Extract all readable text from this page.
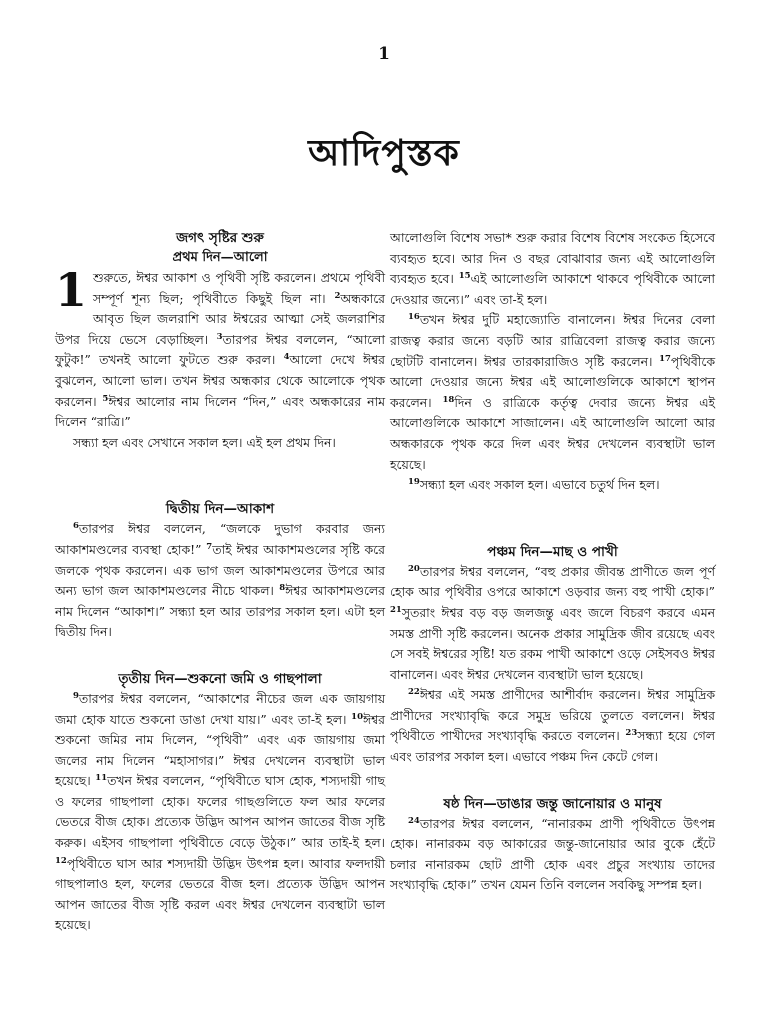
1
আদিপুস্তক
জগৎ সৃষ্টির শুরু
প্রথম দিন—আলো

1 শুরুতে, ঈশ্বর আকাশ ও পৃথিবী সৃষ্টি করলেন। প্রথমে পৃথিবী সম্পূর্ণ শূন্য ছিল; পৃথিবীতে কিছুই ছিল না। $^2$অন্ধকারে আবৃত ছিল জলরাশি আর ঈশ্বরের আত্মা সেই জলরাশির উপর দিয়ে ভেসে বেড়াচ্ছিল। $^3$তারপর ঈশ্বর বললেন, “আলো ফুটুক!” তখনই আলো ফুটতে শুরু করল। $^4$আলো দেখে ঈশ্বর বুঝলেন, আলো ভাল। তখন ঈশ্বর অন্ধকার থেকে আলোকে পৃথক করলেন। $^5$ঈশ্বর আলোর নাম দিলেন “দিন,” এবং অন্ধকারের নাম দিলেন “রাত্রি।”

সন্ধ্যা হল এবং সেখানে সকাল হল। এই হল প্রথম দিন।

দ্বিতীয় দিন—আকাশ

$^6$তারপর ঈশ্বর বললেন, “জলকে দুভাগ করবার জন্য আকাশমণ্ডলের ব্যবস্থা হোক!” $^7$তাই ঈশ্বর আকাশমণ্ডলের সৃষ্টি করে জলকে পৃথক করলেন। এক ভাগ জল আকাশমণ্ডলের উপরে আর অন্য ভাগ জল আকাশমণ্ডলের নীচে থাকল। $^8$ঈশ্বর আকাশমণ্ডলের নাম দিলেন “আকাশ।” সন্ধ্যা হল আর তারপর সকাল হল। এটা হল দ্বিতীয় দিন।

তৃতীয় দিন—শুকনো জমি ও গাছপালা

$^9$তারপর ঈশ্বর বললেন, “আকাশের নীচের জল এক জায়গায় জমা হোক যাতে শুকনো ডাঙা দেখা যায়।” এবং তা-ই হল। $^{10}$ঈশ্বর শুকনো জমির নাম দিলেন, “পৃথিবী” এবং এক জায়গায় জমা জলের নাম দিলেন “মহাসাগর।” ঈশ্বর দেখলেন ব্যবস্থাটা ভাল হয়েছে। $^{11}$তখন ঈশ্বর বললেন, “পৃথিবীতে ঘাস হোক, শস্যদায়ী গাছ ও ফলের গাছপালা হোক। ফলের গাছগুলিতে ফল আর ফলের ভেতরে বীজ হোক। প্রত্যেক উদ্ভিদ আপন আপন জাতের বীজ সৃষ্টি করুক। এইসব গাছপালা পৃথিবীতে বেড়ে উঠুক।” আর তাই-ই হল। $^{12}$পৃথিবীতে ঘাস আর শস্যদায়ী উদ্ভিদ উৎপন্ন হল। আবার ফলদায়ী গাছপালাও হল, ফলের ভেতরে বীজ হল। প্রত্যেক উদ্ভিদ আপন আপন জাতের বীজ সৃষ্টি করল এবং ঈশ্বর দেখলেন ব্যবস্থাটা ভাল হয়েছে।

আলোগুলি বিশেষ সভা* শুরু করার বিশেষ বিশেষ সংকেত হিসেবে ব্যবহৃত হবে। আর দিন ও বছর বোঝাবার জন্য এই আলোগুলি ব্যবহৃত হবে। $^{15}$এই আলোগুলি আকাশে থাকবে পৃথিবীকে আলো দেওয়ার জন্যে।” এবং তা-ই হল।

$^{16}$তখন ঈশ্বর দুটি মহাজ্যোতি বানালেন। ঈশ্বর দিনের বেলা রাজত্ব করার জন্যে বড়টি আর রাত্রিবেলা রাজত্ব করার জন্যে ছোটটি বানালেন। ঈশ্বর তারকারাজিও সৃষ্টি করলেন। $^{17}$পৃথিবীকে আলো দেওয়ার জন্যে ঈশ্বর এই আলোগুলিকে আকাশে স্থাপন করলেন। $^{18}$দিন ও রাত্রিকে কর্তৃত্ব দেবার জন্যে ঈশ্বর এই আলোগুলিকে আকাশে সাজালেন। এই আলোগুলি আলো আর অন্ধকারকে পৃথক করে দিল এবং ঈশ্বর দেখলেন ব্যবস্থাটা ভাল হয়েছে।

$^{19}$সন্ধ্যা হল এবং সকাল হল। এভাবে চতুর্থ দিন হল।

পঞ্চম দিন—মাছ ও পাখী

$^{20}$তারপর ঈশ্বর বললেন, “বহু প্রকার জীবন্ত প্রাণীতে জল পূর্ণ হোক আর পৃথিবীর ওপরে আকাশে ওড়বার জন্য বহু পাখী হোক।” $^{21}$সুতরাং ঈশ্বর বড় বড় জলজন্তু এবং জলে বিচরণ করবে এমন সমস্ত প্রাণী সৃষ্টি করলেন। অনেক প্রকার সামুদ্রিক জীব রয়েছে এবং সে সবই ঈশ্বরের সৃষ্টি! যত রকম পাখী আকাশে ওড়ে সেইসবও ঈশ্বর বানালেন। এবং ঈশ্বর দেখলেন ব্যবস্থাটা ভাল হয়েছে।

$^{22}$ঈশ্বর এই সমস্ত প্রাণীদের আশীর্বাদ করলেন। ঈশ্বর সামুদ্রিক প্রাণীদের সংখ্যাবৃদ্ধি করে সমুদ্র ভরিয়ে তুলতে বললেন। ঈশ্বর পৃথিবীতে পাখীদের সংখ্যাবৃদ্ধি করতে বললেন। $^{23}$সন্ধ্যা হয়ে গেল এবং তারপর সকাল হল। এভাবে পঞ্চম দিন কেটে গেল।

ষষ্ঠ দিন—ডাঙার জন্তু জানোয়ার ও মানুষ

$^{24}$তারপর ঈশ্বর বললেন, “নানারকম প্রাণী পৃথিবীতে উৎপন্ন হোক। নানারকম বড় আকারের জন্তু-জানোয়ার আর বুকে হেঁটে চলার নানারকম ছোট প্রাণী হোক এবং প্রচুর সংখ্যায় তাদের সংখ্যাবৃদ্ধি হোক।” তখন যেমন তিনি বললেন সবকিছু সম্পন্ন হল।
